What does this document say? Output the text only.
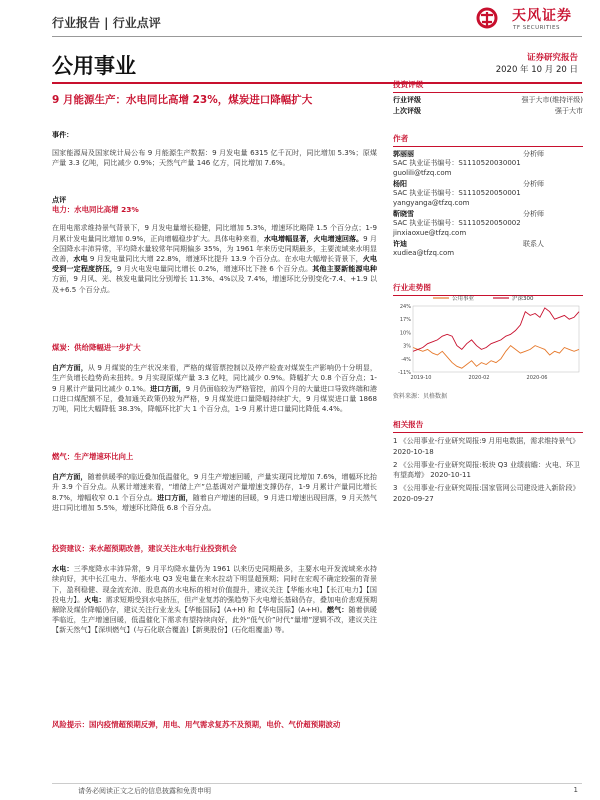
行业报告 | 行业点评	天风证券
TF SECURITIES
公用事业	证券研究报告
2020 年 10 月 20 日
9 月能源生产：水电同比高增 23%，煤炭进口降幅扩大
事件：
国家能源局及国家统计局公布 9 月能源生产数据：9 月发电量 6315 亿千瓦时，同比增加 5.3%；原煤产量 3.3 亿吨，同比减少 0.9%；天然气产量 146 亿方，同比增加 7.6%。
点评
电力：水电同比高增 23%
在用电需求维持景气背景下，9 月发电量增长稳健，同比增加 5.3%，增速环比略降 1.5 个百分点；1-9 月累计发电量同比增加 0.9%，正向增幅稳步扩大。具体电种来看，水电增幅显著，火电增速回落。9 月全国降水丰沛异常，平均降水量较常年同期偏多 35%，为 1961 年来历史同期最多，主要流域来水明显改善，水电 9 月发电量同比大增 22.8%，增速环比提升 13.9 个百分点。在水电大幅增长背景下，火电受到一定程度挤压，9 月火电发电量同比增长 0.2%，增速环比下挫 6 个百分点。其他主要新能源电种方面，9 月风、光、核发电量同比分别增长 11.3%、4%以及 7.4%，增速环比分别变化-7.4、+1.9 以及+6.5 个百分点。
煤炭：供给降幅进一步扩大
自产方面，从 9 月煤炭的生产状况来看，严格的煤管票控制以及停产检查对煤炭生产影响仍十分明显，生产负增长趋势尚未扭转。9 月实现原煤产量 3.3 亿吨，同比减少 0.9%。降幅扩大 0.8 个百分点；1-9 月累计产量同比减少 0.1%。进口方面，9 月仍面临较为严格管控，前四个月的大量进口导致终端和港口进口煤配额不足，叠加通关政策仍较为严格，9 月煤炭进口量降幅持续扩大，9 月煤炭进口量 1868 万吨，同比大幅降低 38.3%，降幅环比扩大 1 个百分点，1-9 月累计进口量同比降低 4.4%。
燃气：生产增速环比向上
自产方面，随着供暖季的临近叠加低温催化，9 月生产增速回暖，产量实现同比增加 7.6%，增幅环比抬升 3.9 个百分点。从累计增速来看，“增储上产”总基调对产量增速支撑仍存，1-9 月累计产量同比增长 8.7%，增幅收窄 0.1 个百分点。进口方面，随着自产增速的回暖，9 月进口增速出现回落，9 月天然气进口同比增加 5.5%，增速环比降低 6.8 个百分点。
投资建议：来水超预期改善，建议关注水电行业投资机会
水电：三季度降水丰沛异常，9 月平均降水量仍为 1961 以来历史同期最多，主要水电开发流域来水持续向好，其中长江电力、华能水电 Q3 发电量在来水拉动下明显超预期；同时在宏观不确定较强的背景下，盈利稳健、现金流充沛、股息高的水电标的相对价值提升，建议关注【华能水电】【长江电力】【国投电力】。火电：需求短期受到水电挤压，但产业复苏的强趋势下火电增长基础仍存，叠加电价悲观预期解除及煤价降幅仍存，建议关注行业龙头【华能国际】(A+H) 和【华电国际】(A+H)。燃气：随着供暖季临近，生产增速回暖，低温催化下需求有望持续向好，此外“低气价”时代“量增”逻辑不改，建议关注【新天然气】【深圳燃气】(与石化联合覆盖)【新奥股份】(石化组覆盖) 等。
风险提示：国内疫情超预期反弹，用电、用气需求复苏不及预期，电价、气价超预期波动
投资评级
行业评级	强于大市(维持评级)
上次评级	强于大市
作者
郭丽丽	分析师
SAC 执业证书编号：S1110520030001
guolili@tfzq.com
杨阳	分析师
SAC 执业证书编号：S1110520050001
yangyanga@tfzq.com
靳晓雪	分析师
SAC 执业证书编号：S1110520050002
jinxiaoxue@tfzq.com
许迪	联系人
xudiea@tfzq.com
行业走势图
24%
17%
10%
3%
-4%
-11%
2019-10	2020-02	2020-06
公用事业	沪深300
资料来源：贝格数据
相关报告
1 《公用事业-行业研究周报:9 月用电数据，需求维持景气》 2020-10-18
2 《公用事业-行业研究周报:板块 Q3 业绩前瞻：火电、环卫有望高增》 2020-10-11
3 《公用事业-行业研究周报:国家管网公司建设进入新阶段》 2020-09-27
请务必阅读正文之后的信息披露和免责申明	1
